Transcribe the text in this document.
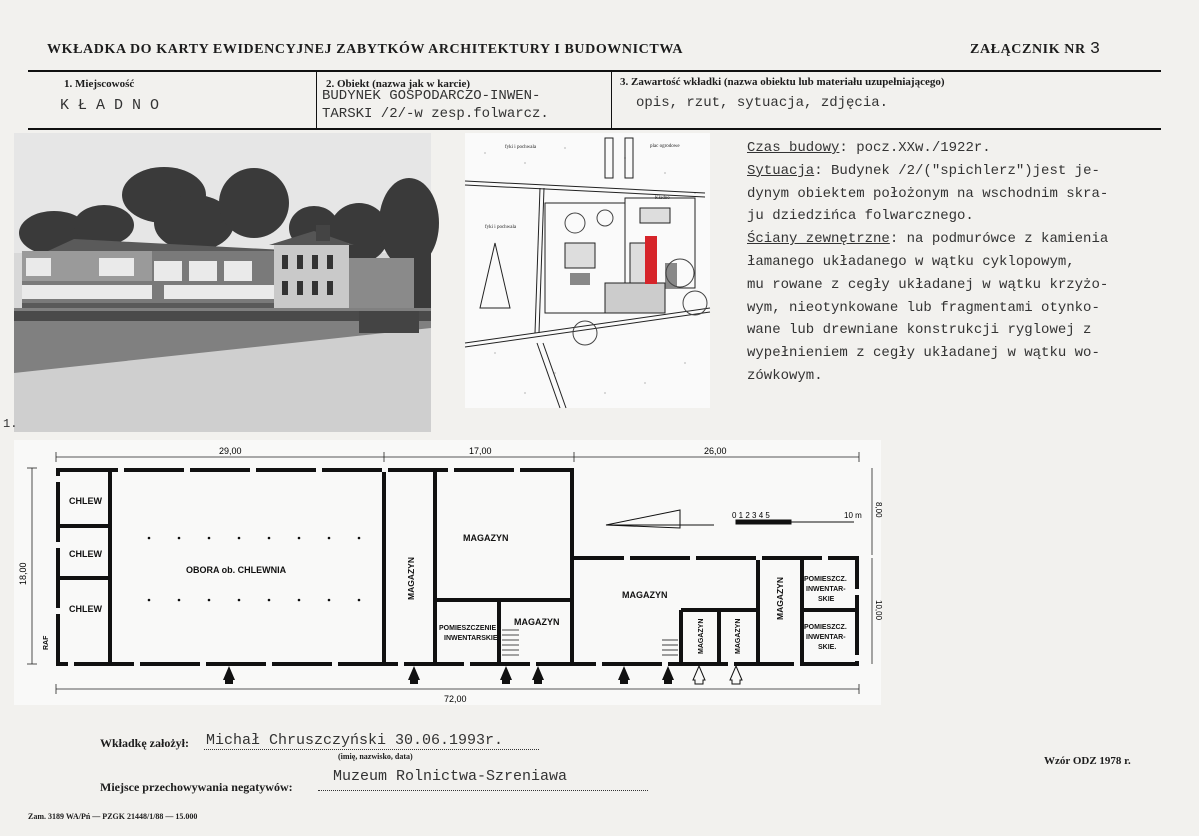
WKŁADKA DO KARTY EWIDENCYJNEJ ZABYTKÓW ARCHITEKTURY I BUDOWNICTWA	ZAŁĄCZNIK NR 3
1. Miejscowość
KŁADNO
2. Obiekt (nazwa jak w karcie)
BUDYNEK GOSPODARCZO-INWEN-
TARSKI /2/-w zesp.folwarcz.
3. Zawartość wkładki (nazwa obiektu lub materiału uzupełniającego)
opis, rzut, sytuacja, zdjęcia.
1.
fyki i pochwala
fyki i pochwala
plac ogrodowe
Kładno
Czas budowy: pocz.XXw./1922r.
Sytuacja: Budynek /2/("spichlerz")jest je-
dynym obiektem położonym na wschodnim skra-
ju dziedzińca folwarcznego.
Ściany zewnętrzne: na podmurówce z kamienia
łamanego układanego w wątku cyklopowym,
mu rowane z cegły układanej w wątku krzyżo-
wym, nieotynkowane lub fragmentami otynko-
wane lub drewniane konstrukcji ryglowej z
wypełnieniem z cegły układanej w wątku wo-
zówkowym.
29,00	17,00	26,00
72,00
18,00
8,00
10,00
0 1 2 3 4 5	10 m
CHLEW
CHLEW
CHLEW
OBORA ob. CHLEWNIA
MAGAZYN
MAGAZYN
MAGAZYN
MAGAZYN	MAGAZYN
MAGAZYN	MAGAZYN
RAF
POMIESZCZENIE
INWENTARSKIE
POMIESZCZ.
INWENTAR-
SKIE
POMIESZCZ.
INWENTAR-
SKIE.
Wkładkę założył: Michał Chruszczyński 30.06.1993r.
(imię, nazwisko, data)
Miejsce przechowywania negatywów:
Muzeum Rolnictwa-Szreniawa
Wzór ODZ 1978 r.
Zam. 3189 WA/Pń — PZGK 21448/1/88 — 15.000
